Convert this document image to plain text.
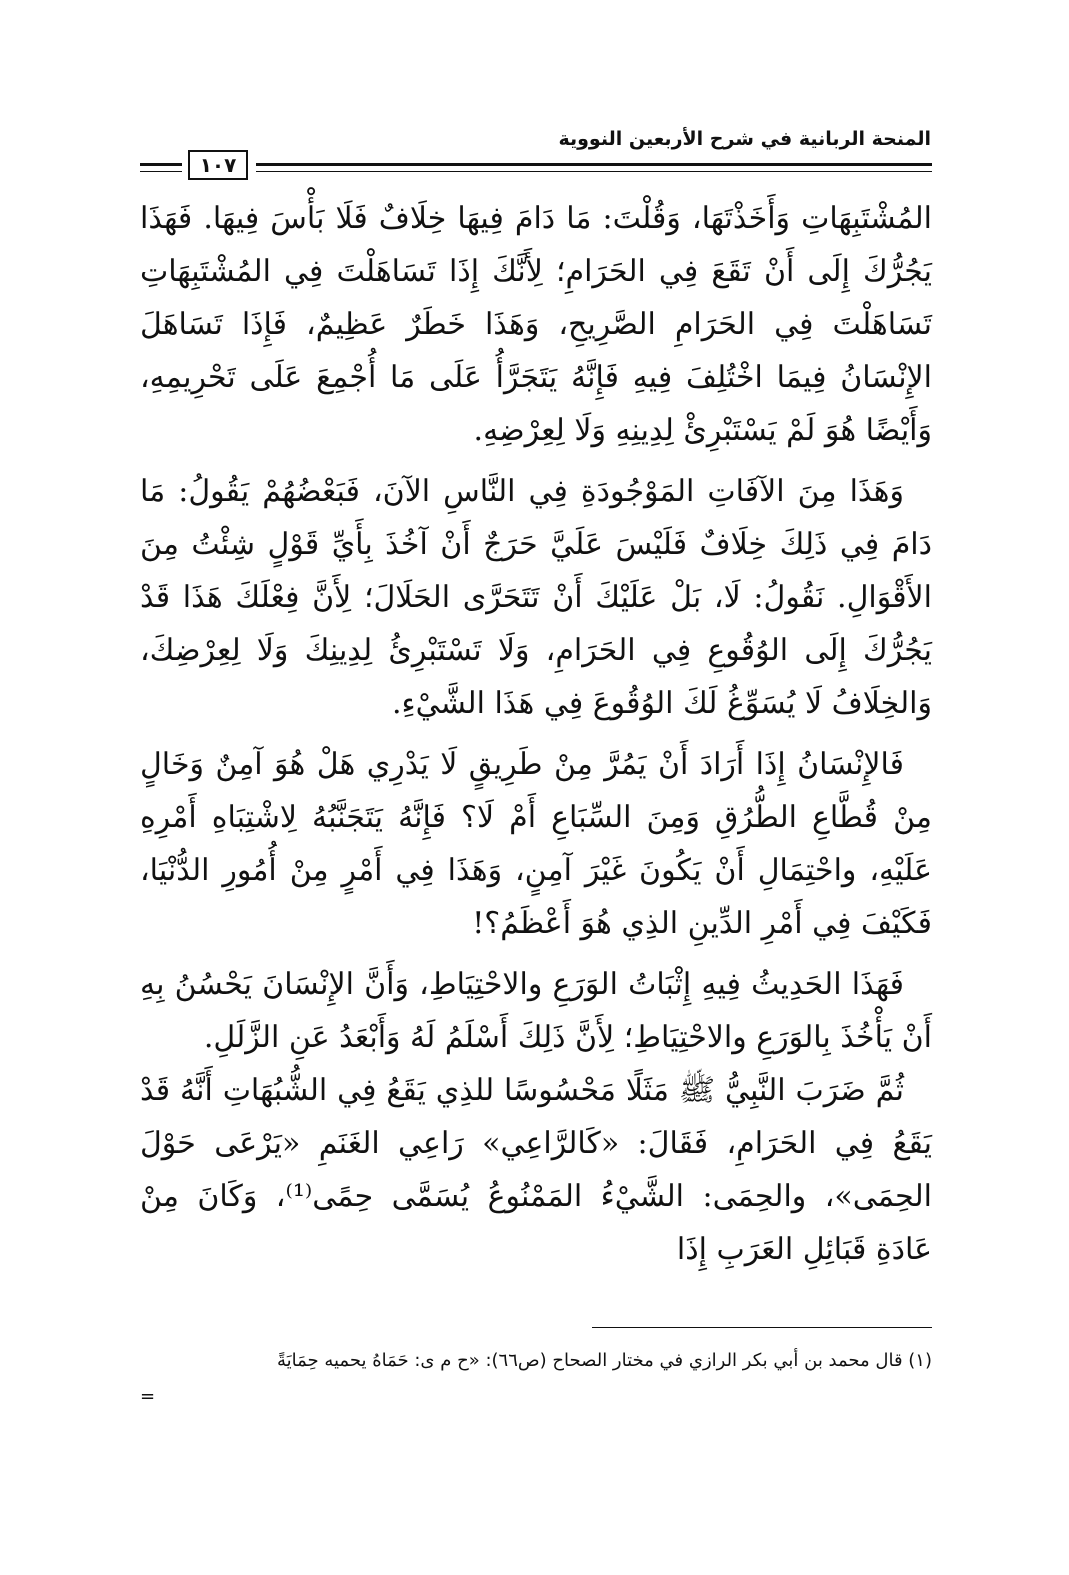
المنحة الربانية في شرح الأربعين النووية
١٠٧

المُشْتَبِهَاتِ وَأَخَذْتَهَا، وَقُلْتَ: مَا دَامَ فِيهَا خِلَافٌ فَلَا بَأْسَ فِيهَا. فَهَذَا يَجُرُّكَ إِلَى أَنْ تَقَعَ فِي الحَرَامِ؛ لِأَنَّكَ إِذَا تَسَاهَلْتَ فِي المُشْتَبِهَاتِ تَسَاهَلْتَ فِي الحَرَامِ الصَّرِيحِ، وَهَذَا خَطَرٌ عَظِيمٌ، فَإِذَا تَسَاهَلَ الإِنْسَانُ فِيمَا اخْتُلِفَ فِيهِ فَإِنَّهُ يَتَجَرَّأُ عَلَى مَا أُجْمِعَ عَلَى تَحْرِيمِهِ، وَأَيْضًا هُوَ لَمْ يَسْتَبْرِئْ لِدِينِهِ وَلَا لِعِرْضِهِ.

وَهَذَا مِنَ الآفَاتِ المَوْجُودَةِ فِي النَّاسِ الآنَ، فَبَعْضُهُمْ يَقُولُ: مَا دَامَ فِي ذَلِكَ خِلَافٌ فَلَيْسَ عَلَيَّ حَرَجٌ أَنْ آخُذَ بِأَيِّ قَوْلٍ شِئْتُ مِنَ الأَقْوَالِ. نَقُولُ: لَا، بَلْ عَلَيْكَ أَنْ تَتَحَرَّى الحَلَالَ؛ لِأَنَّ فِعْلَكَ هَذَا قَدْ يَجُرُّكَ إِلَى الوُقُوعِ فِي الحَرَامِ، وَلَا تَسْتَبْرِئُ لِدِينِكَ وَلَا لِعِرْضِكَ، وَالخِلَافُ لَا يُسَوِّغُ لَكَ الوُقُوعَ فِي هَذَا الشَّيْءِ.

فَالإِنْسَانُ إِذَا أَرَادَ أَنْ يَمُرَّ مِنْ طَرِيقٍ لَا يَدْرِي هَلْ هُوَ آمِنٌ وَخَالٍ مِنْ قُطَّاعِ الطُّرُقِ وَمِنَ السِّبَاعِ أَمْ لَا؟ فَإِنَّهُ يَتَجَنَّبُهُ لِاشْتِبَاهِ أَمْرِهِ عَلَيْهِ، واحْتِمَالِ أَنْ يَكُونَ غَيْرَ آمِنٍ، وَهَذَا فِي أَمْرٍ مِنْ أُمُورِ الدُّنْيَا، فَكَيْفَ فِي أَمْرِ الدِّينِ الذِي هُوَ أَعْظَمُ؟!

فَهَذَا الحَدِيثُ فِيهِ إِثْبَاتُ الوَرَعِ والاحْتِيَاطِ، وَأَنَّ الإِنْسَانَ يَحْسُنُ بِهِ أَنْ يَأْخُذَ بِالوَرَعِ والاحْتِيَاطِ؛ لِأَنَّ ذَلِكَ أَسْلَمُ لَهُ وَأَبْعَدُ عَنِ الزَّلَلِ.

ثُمَّ ضَرَبَ النَّبِيُّ ﷺ مَثَلًا مَحْسُوسًا للذِي يَقَعُ فِي الشُّبُهَاتِ أَنَّهُ قَدْ يَقَعُ فِي الحَرَامِ، فَقَالَ: «كَالرَّاعِي» رَاعِي الغَنَمِ «يَرْعَى حَوْلَ الحِمَى»، والحِمَى: الشَّيْءُ المَمْنُوعُ يُسَمَّى حِمًى⁽¹⁾، وَكَانَ مِنْ عَادَةِ قَبَائِلِ العَرَبِ إِذَا

(١) قال محمد بن أبي بكر الرازي في مختار الصحاح (ص٦٦): «ح م ى: حَمَاهُ يحميه حِمَايَةً
=
